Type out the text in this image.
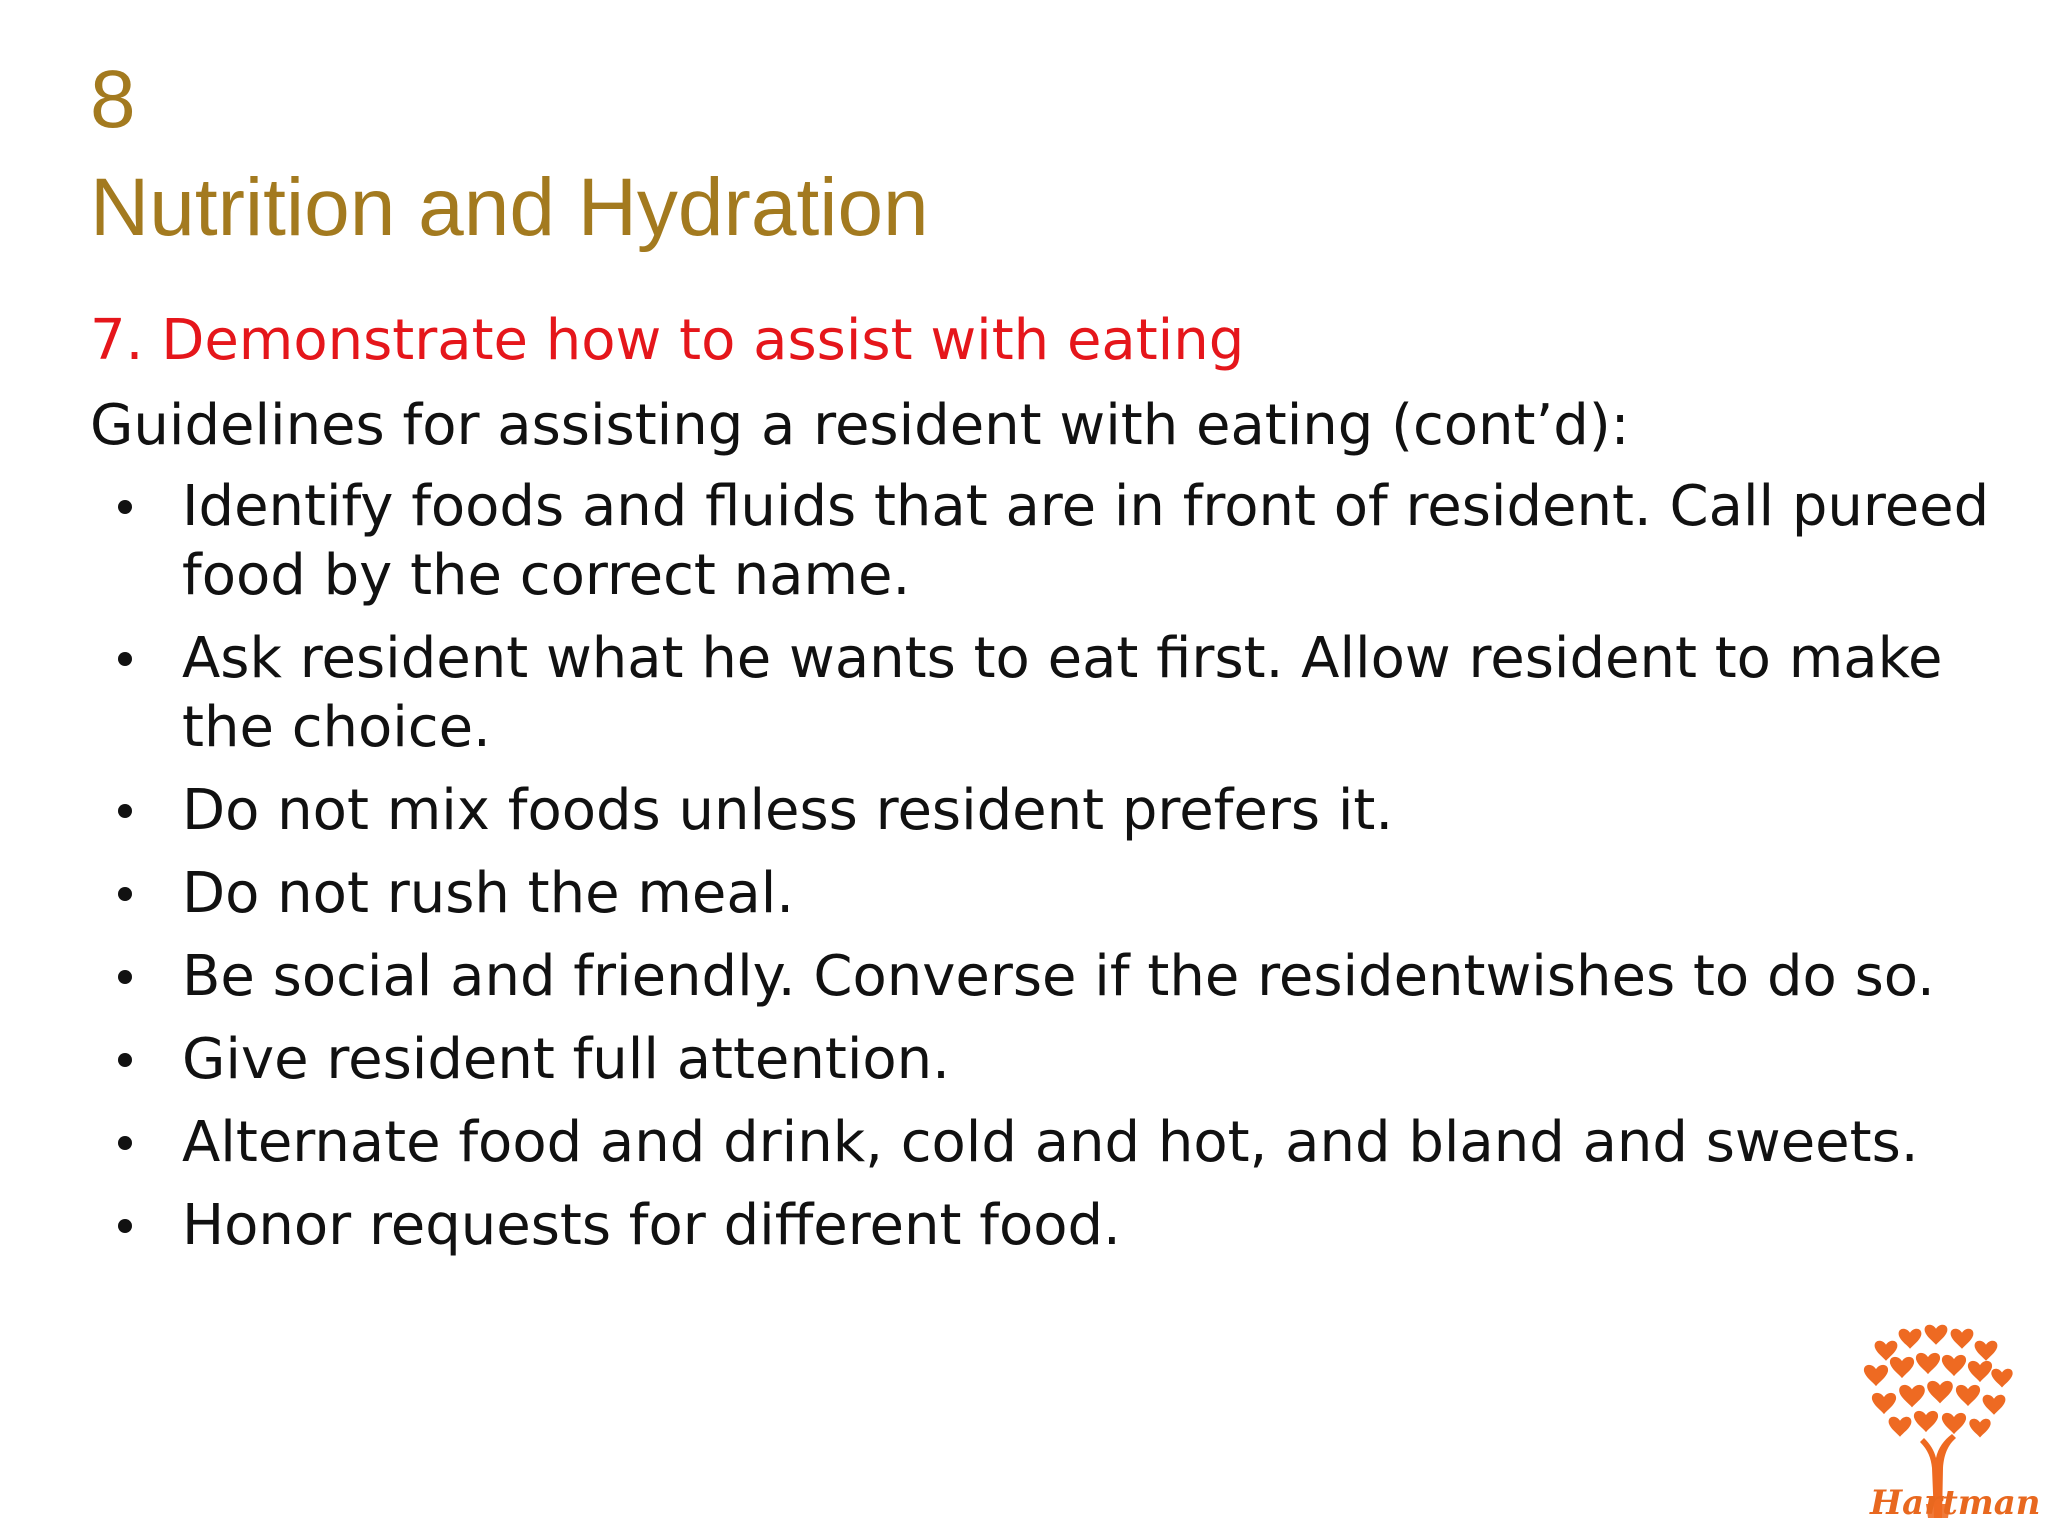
8
Nutrition and Hydration
7. Demonstrate how to assist with eating
Guidelines for assisting a resident with eating (cont’d):
Identify foods and fluids that are in front of resident. Call pureed food by the correct name.
Ask resident what he wants to eat first. Allow resident to make the choice.
Do not mix foods unless resident prefers it.
Do not rush the meal.
Be social and friendly. Converse if the residentwishes to do so.
Give resident full attention.
Alternate food and drink, cold and hot, and bland and sweets.
Honor requests for different food.
Hartman
